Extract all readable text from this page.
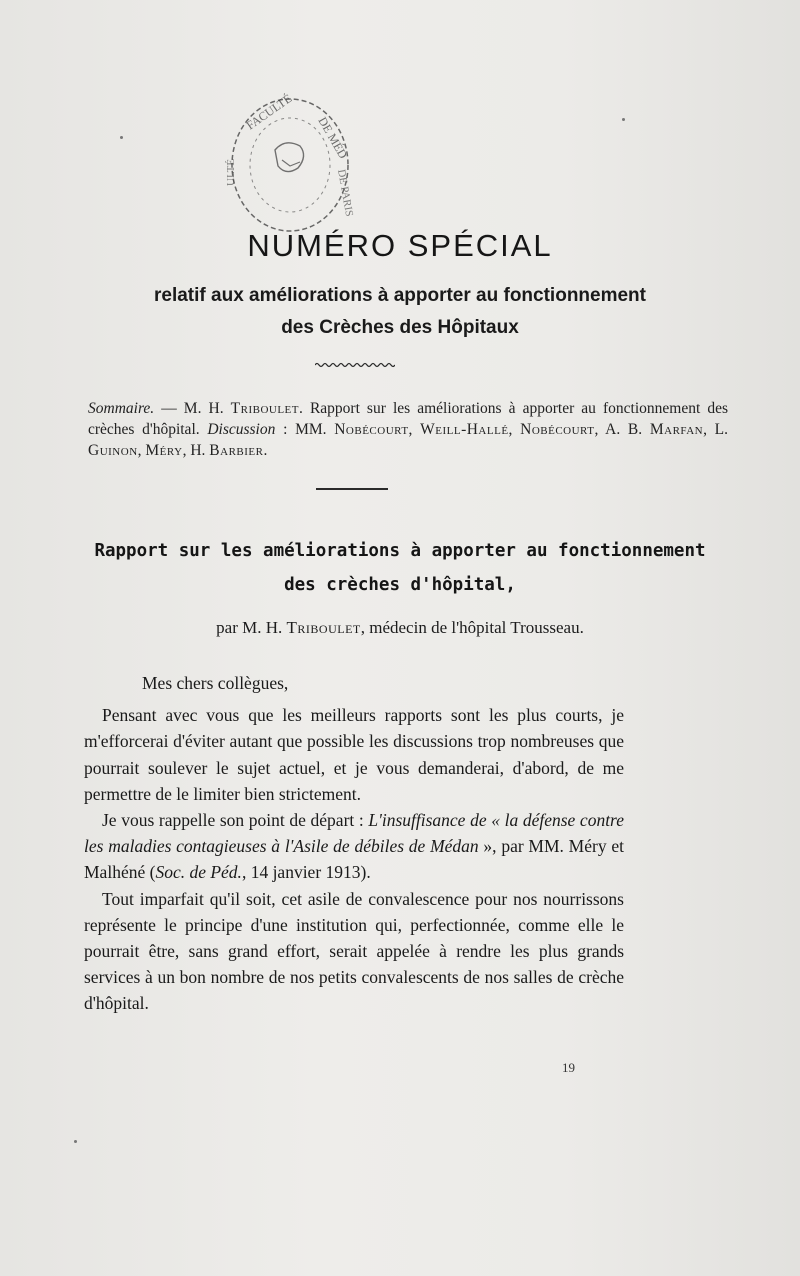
FACULTÉ
DE MÉD
ULTÉ	DE PARIS
NUMÉRO SPÉCIAL
relatif aux améliorations à apporter au fonctionnement
des Crèches des Hôpitaux
Sommaire. — M. H. Triboulet. Rapport sur les améliorations à apporter au fonctionnement des crèches d'hôpital. Discussion : MM. Nobécourt, Weill-Hallé, Nobécourt, A. B. Marfan, L. Guinon, Méry, H. Barbier.
Rapport sur les améliorations à apporter au fonctionnement
des crèches d'hôpital,
par M. H. Triboulet, médecin de l'hôpital Trousseau.

Mes chers collègues,

Pensant avec vous que les meilleurs rapports sont les plus courts, je m'efforcerai d'éviter autant que possible les discussions trop nombreuses que pourrait soulever le sujet actuel, et je vous demanderai, d'abord, de me permettre de le limiter bien strictement.

Je vous rappelle son point de départ : L'insuffisance de « la défense contre les maladies contagieuses à l'Asile de débiles de Médan », par MM. Méry et Malhéné (Soc. de Péd., 14 janvier 1913).

Tout imparfait qu'il soit, cet asile de convalescence pour nos nourrissons représente le principe d'une institution qui, perfectionnée, comme elle le pourrait être, sans grand effort, serait appelée à rendre les plus grands services à un bon nombre de nos petits convalescents de nos salles de crèche d'hôpital.

19
